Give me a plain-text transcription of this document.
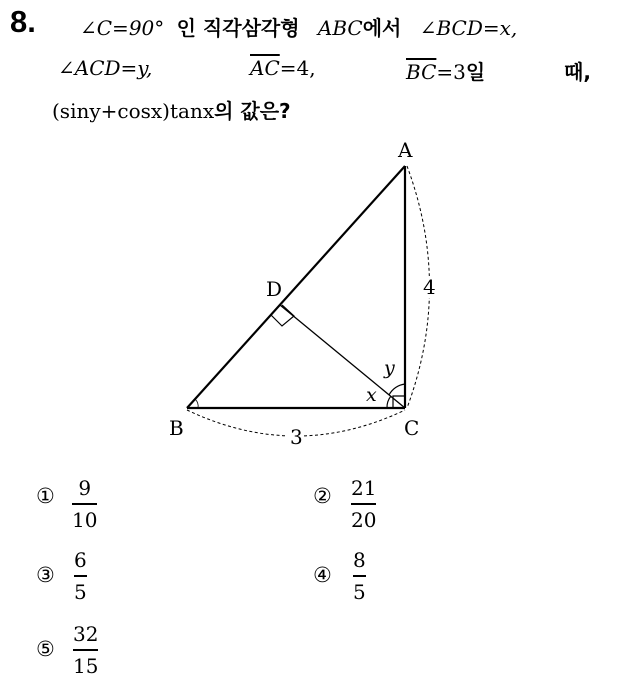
8. ∠C=90° 인 직각삼각형 ABC에서 ∠BCD=x,
∠ACD=y,	$\overline{AC}=4$,	$\overline{BC}=3$일	때,
(siny+cosx)tanx의 값은?
A
B	C
D
x
y
4
3
① 9
10
② 21
20
③
6
5
④
8
5
⑤
32
15
